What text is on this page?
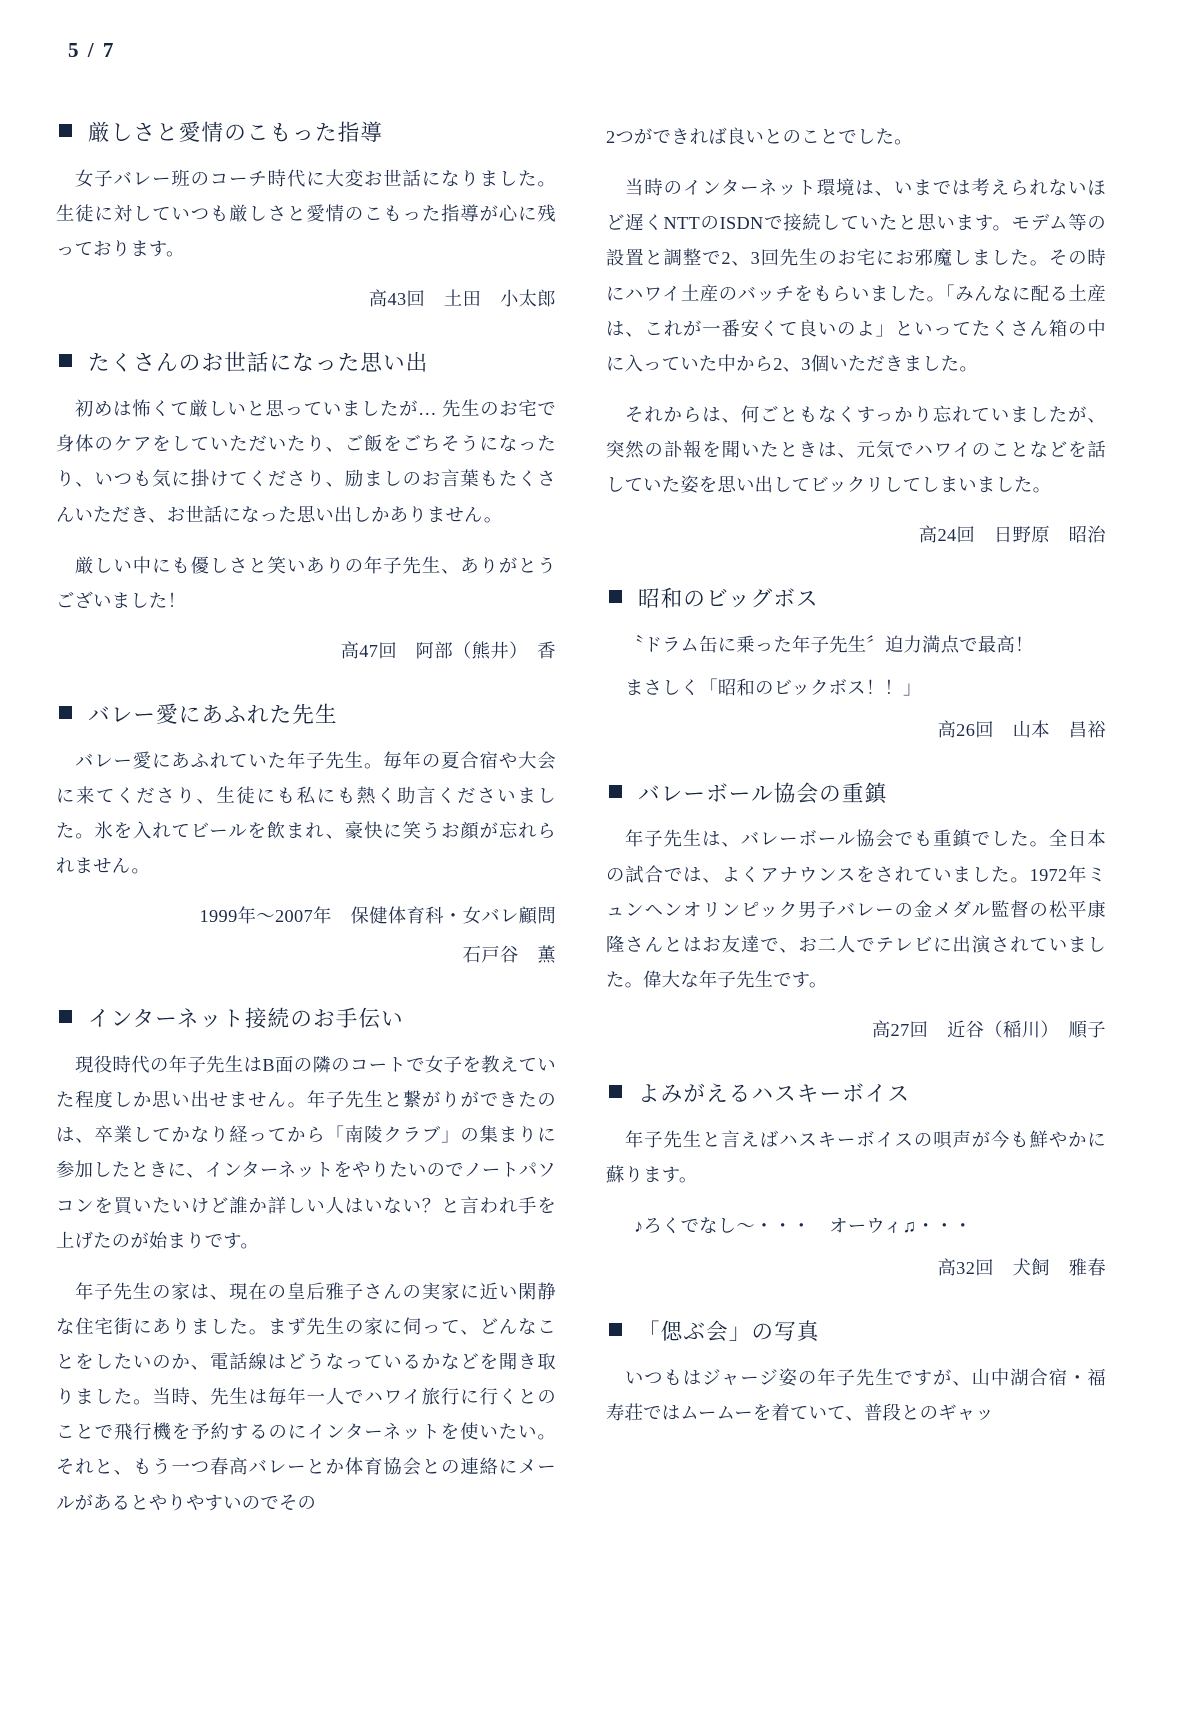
5 / 7
厳しさと愛情のこもった指導

女子バレー班のコーチ時代に大変お世話になりました。生徒に対していつも厳しさと愛情のこもった指導が心に残っております。

高43回　土田　小太郎

たくさんのお世話になった思い出

初めは怖くて厳しいと思っていましたが… 先生のお宅で身体のケアをしていただいたり、ご飯をごちそうになったり、いつも気に掛けてくださり、励ましのお言葉もたくさんいただき、お世話になった思い出しかありません。

厳しい中にも優しさと笑いありの年子先生、ありがとうございました！

高47回　阿部（熊井）　香

バレー愛にあふれた先生

バレー愛にあふれていた年子先生。毎年の夏合宿や大会に来てくださり、生徒にも私にも熱く助言くださいました。氷を入れてビールを飲まれ、豪快に笑うお顔が忘れられません。

1999年〜2007年　保健体育科・女バレ顧問

石戸谷　薫

インターネット接続のお手伝い

現役時代の年子先生はB面の隣のコートで女子を教えていた程度しか思い出せません。年子先生と繋がりができたのは、卒業してかなり経ってから「南陵クラブ」の集まりに参加したときに、インターネットをやりたいのでノートパソコンを買いたいけど誰か詳しい人はいない？と言われ手を上げたのが始まりです。

年子先生の家は、現在の皇后雅子さんの実家に近い閑静な住宅街にありました。まず先生の家に伺って、どんなことをしたいのか、電話線はどうなっているかなどを聞き取りました。当時、先生は毎年一人でハワイ旅行に行くとのことで飛行機を予約するのにインターネットを使いたい。それと、もう一つ春高バレーとか体育協会との連絡にメールがあるとやりやすいのでその

2つができれば良いとのことでした。

当時のインターネット環境は、いまでは考えられないほど遅くNTTのISDNで接続していたと思います。モデム等の設置と調整で2、3回先生のお宅にお邪魔しました。その時にハワイ土産のバッチをもらいました。「みんなに配る土産は、これが一番安くて良いのよ」といってたくさん箱の中に入っていた中から2、3個いただきました。

それからは、何ごともなくすっかり忘れていましたが、突然の訃報を聞いたときは、元気でハワイのことなどを話していた姿を思い出してビックリしてしまいました。

高24回　日野原　昭治

昭和のビッグボス

〝ドラム缶に乗った年子先生〞迫力満点で最高！

まさしく「昭和のビックボス！！」

高26回　山本　昌裕

バレーボール協会の重鎮

年子先生は、バレーボール協会でも重鎮でした。全日本の試合では、よくアナウンスをされていました。1972年ミュンヘンオリンピック男子バレーの金メダル監督の松平康隆さんとはお友達で、お二人でテレビに出演されていました。偉大な年子先生です。

高27回　近谷（稲川）　順子

よみがえるハスキーボイス

年子先生と言えばハスキーボイスの唄声が今も鮮やかに蘇ります。

♪ろくでなし〜・・・　オーウィ♫・・・

高32回　犬飼　雅春

「偲ぶ会」の写真

いつもはジャージ姿の年子先生ですが、山中湖合宿・福寿荘ではムームーを着ていて、普段とのギャッ
